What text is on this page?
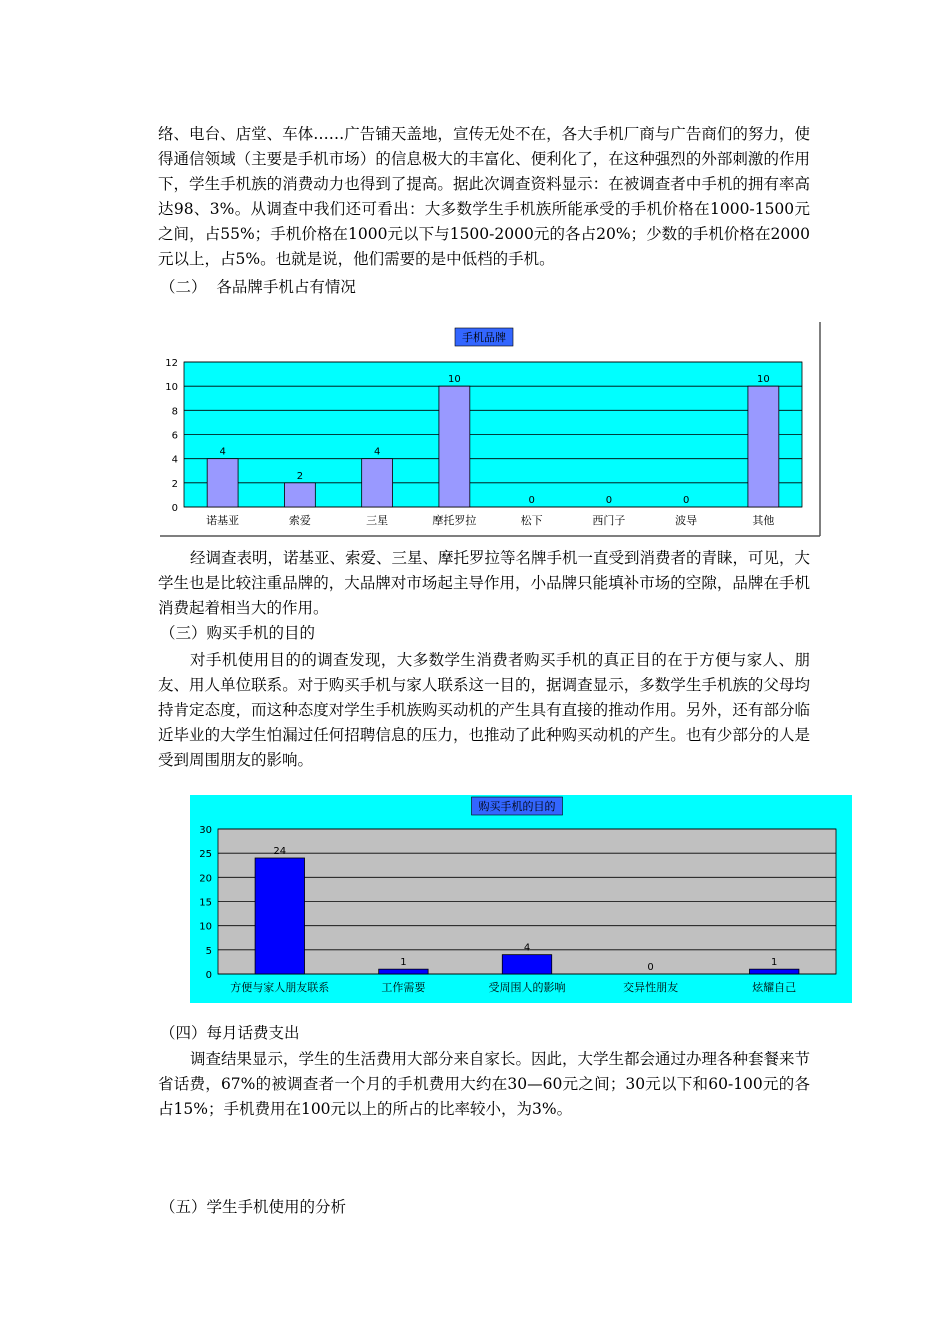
络、电台、店堂、车体……广告铺天盖地，宣传无处不在，各大手机厂商与广告商们的努力，使得通信领域（主要是手机市场）的信息极大的丰富化、便利化了，在这种强烈的外部刺激的作用下，学生手机族的消费动力也得到了提高。据此次调查资料显示：在被调查者中手机的拥有率高达98、3%。从调查中我们还可看出：大多数学生手机族所能承受的手机价格在1000-1500元之间，占55%；手机价格在1000元以下与1500-2000元的各占20%；少数的手机价格在2000元以上，占5%。也就是说，他们需要的是中低档的手机。

（二）  各品牌手机占有情况

0
2
4
6
8
10
12
4
诺基亚
2
索爱
4
三星
10
摩托罗拉
0
松下
0
西门子
0
波导
10
其他
手机品牌

经调查表明，诺基亚、索爱、三星、摩托罗拉等名牌手机一直受到消费者的青睐，可见，大学生也是比较注重品牌的，大品牌对市场起主导作用，小品牌只能填补市场的空隙，品牌在手机消费起着相当大的作用。

（三）购买手机的目的

对手机使用目的的调查发现，大多数学生消费者购买手机的真正目的在于方便与家人、朋友、用人单位联系。对于购买手机与家人联系这一目的，据调查显示，多数学生手机族的父母均持肯定态度，而这种态度对学生手机族购买动机的产生具有直接的推动作用。另外，还有部分临近毕业的大学生怕漏过任何招聘信息的压力，也推动了此种购买动机的产生。也有少部分的人是受到周围朋友的影响。

0
5
10
15
20
25
30
24
方便与家人朋友联系
1
工作需要
4
受周围人的影响
0
交异性朋友
1
炫耀自己
购买手机的目的

（四）每月话费支出

调查结果显示，学生的生活费用大部分来自家长。因此，大学生都会通过办理各种套餐来节省话费，67%的被调查者一个月的手机费用大约在30—60元之间；30元以下和60-100元的各占15%；手机费用在100元以上的所占的比率较小，为3%。

（五）学生手机使用的分析
